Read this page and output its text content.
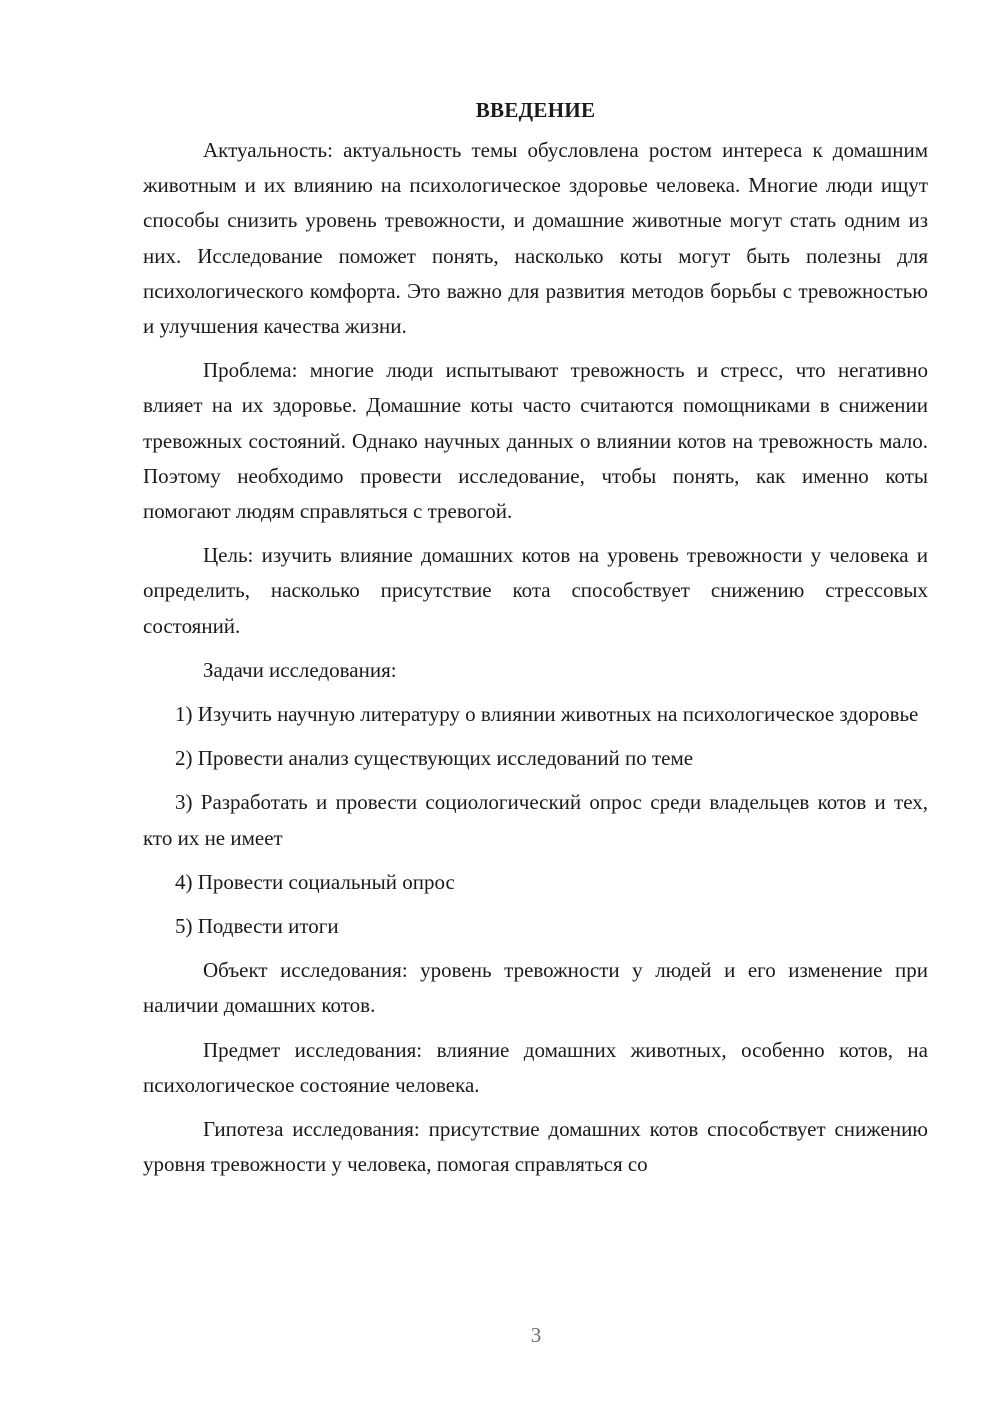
ВВЕДЕНИЕ

Актуальность: актуальность темы обусловлена ростом интереса к домашним животным и их влиянию на психологическое здоровье человека. Многие люди ищут способы снизить уровень тревожности, и домашние животные могут стать одним из них. Исследование поможет понять, насколько коты могут быть полезны для психологического комфорта. Это важно для развития методов борьбы с тревожностью и улучшения качества жизни.

Проблема: многие люди испытывают тревожность и стресс, что негативно влияет на их здоровье. Домашние коты часто считаются помощниками в снижении тревожных состояний. Однако научных данных о влиянии котов на тревожность мало. Поэтому необходимо провести исследование, чтобы понять, как именно коты помогают людям справляться с тревогой.

Цель: изучить влияние домашних котов на уровень тревожности у человека и определить, насколько присутствие кота способствует снижению стрессовых состояний.

Задачи исследования:

1) Изучить научную литературу о влиянии животных на психологическое здоровье

2) Провести анализ существующих исследований по теме

3) Разработать и провести социологический опрос среди владельцев котов и тех, кто их не имеет

4) Провести социальный опрос

5) Подвести итоги

Объект исследования: уровень тревожности у людей и его изменение при наличии домашних котов.

Предмет исследования: влияние домашних животных, особенно котов, на психологическое состояние человека.

Гипотеза исследования: присутствие домашних котов способствует снижению уровня тревожности у человека, помогая справляться со

3
